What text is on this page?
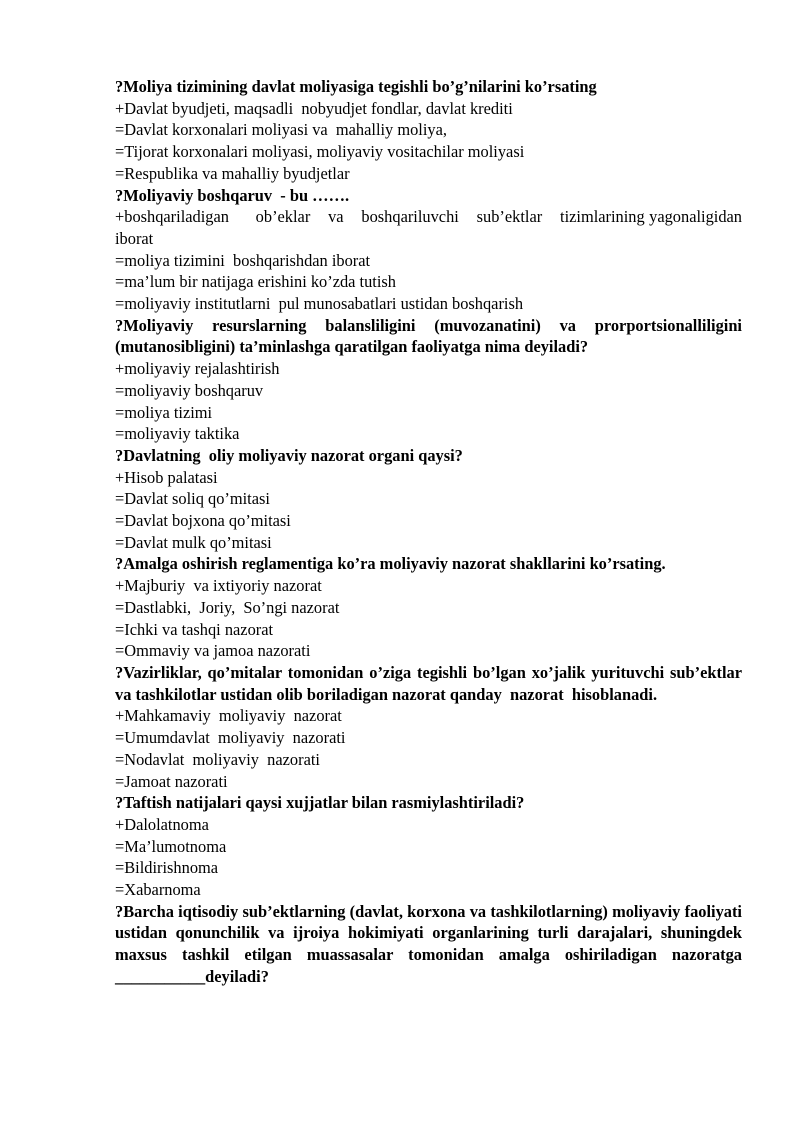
?Moliya tizimining davlat moliyasiga tegishli bo’g’nilarini ko’rsating
+Davlat byudjeti, maqsadli  nobyudjet fondlar, davlat krediti
=Davlat korxonalari moliyasi va  mahalliy moliya,
=Tijorat korxonalari moliyasi, moliyaviy vositachilar moliyasi
=Respublika va mahalliy byudjetlar
?Moliyaviy boshqaruv  - bu …….
+boshqariladigan      ob’eklar    va    boshqariluvchi    sub’ektlar    tizimlarining yagonaligidan iborat
=moliya tizimini  boshqarishdan iborat
=ma’lum bir natijaga erishini ko’zda tutish
=moliyaviy institutlarni  pul munosabatlari ustidan boshqarish
?Moliyaviy resurslarning balansliligini (muvozanatini) va prorportsionalliligini (mutanosibligini) ta’minlashga qaratilgan faoliyatga nima deyiladi?
+moliyaviy rejalashtirish
=moliyaviy boshqaruv
=moliya tizimi
=moliyaviy taktika
?Davlatning  oliy moliyaviy nazorat organi qaysi?
+Hisob palatasi
=Davlat soliq qo’mitasi
=Davlat bojxona qo’mitasi
=Davlat mulk qo’mitasi
?Amalga oshirish reglamentiga ko’ra moliyaviy nazorat shakllarini ko’rsating.
+Majburiy  va ixtiyoriy nazorat
=Dastlabki,  Joriy,  So’ngi nazorat
=Ichki va tashqi nazorat
=Ommaviy va jamoa nazorati
?Vazirliklar, qo’mitalar tomonidan o’ziga tegishli bo’lgan xo’jalik yurituvchi sub’ektlar va tashkilotlar ustidan olib boriladigan nazorat qanday  nazorat  hisoblanadi.
+Mahkamaviy  moliyaviy  nazorat
=Umumdavlat  moliyaviy  nazorati
=Nodavlat  moliyaviy  nazorati
=Jamoat nazorati
?Taftish natijalari qaysi xujjatlar bilan rasmiylashtiriladi?
+Dalolatnoma
=Ma’lumotnoma
=Bildirishnoma
=Xabarnoma
?Barcha iqtisodiy sub’ektlarning (davlat, korxona va tashkilotlarning) moliyaviy faoliyati ustidan qonunchilik va ijroiya hokimiyati organlarining turli darajalari, shuningdek maxsus tashkil etilgan muassasalar tomonidan amalga oshiriladigan nazoratga ___________deyiladi?
